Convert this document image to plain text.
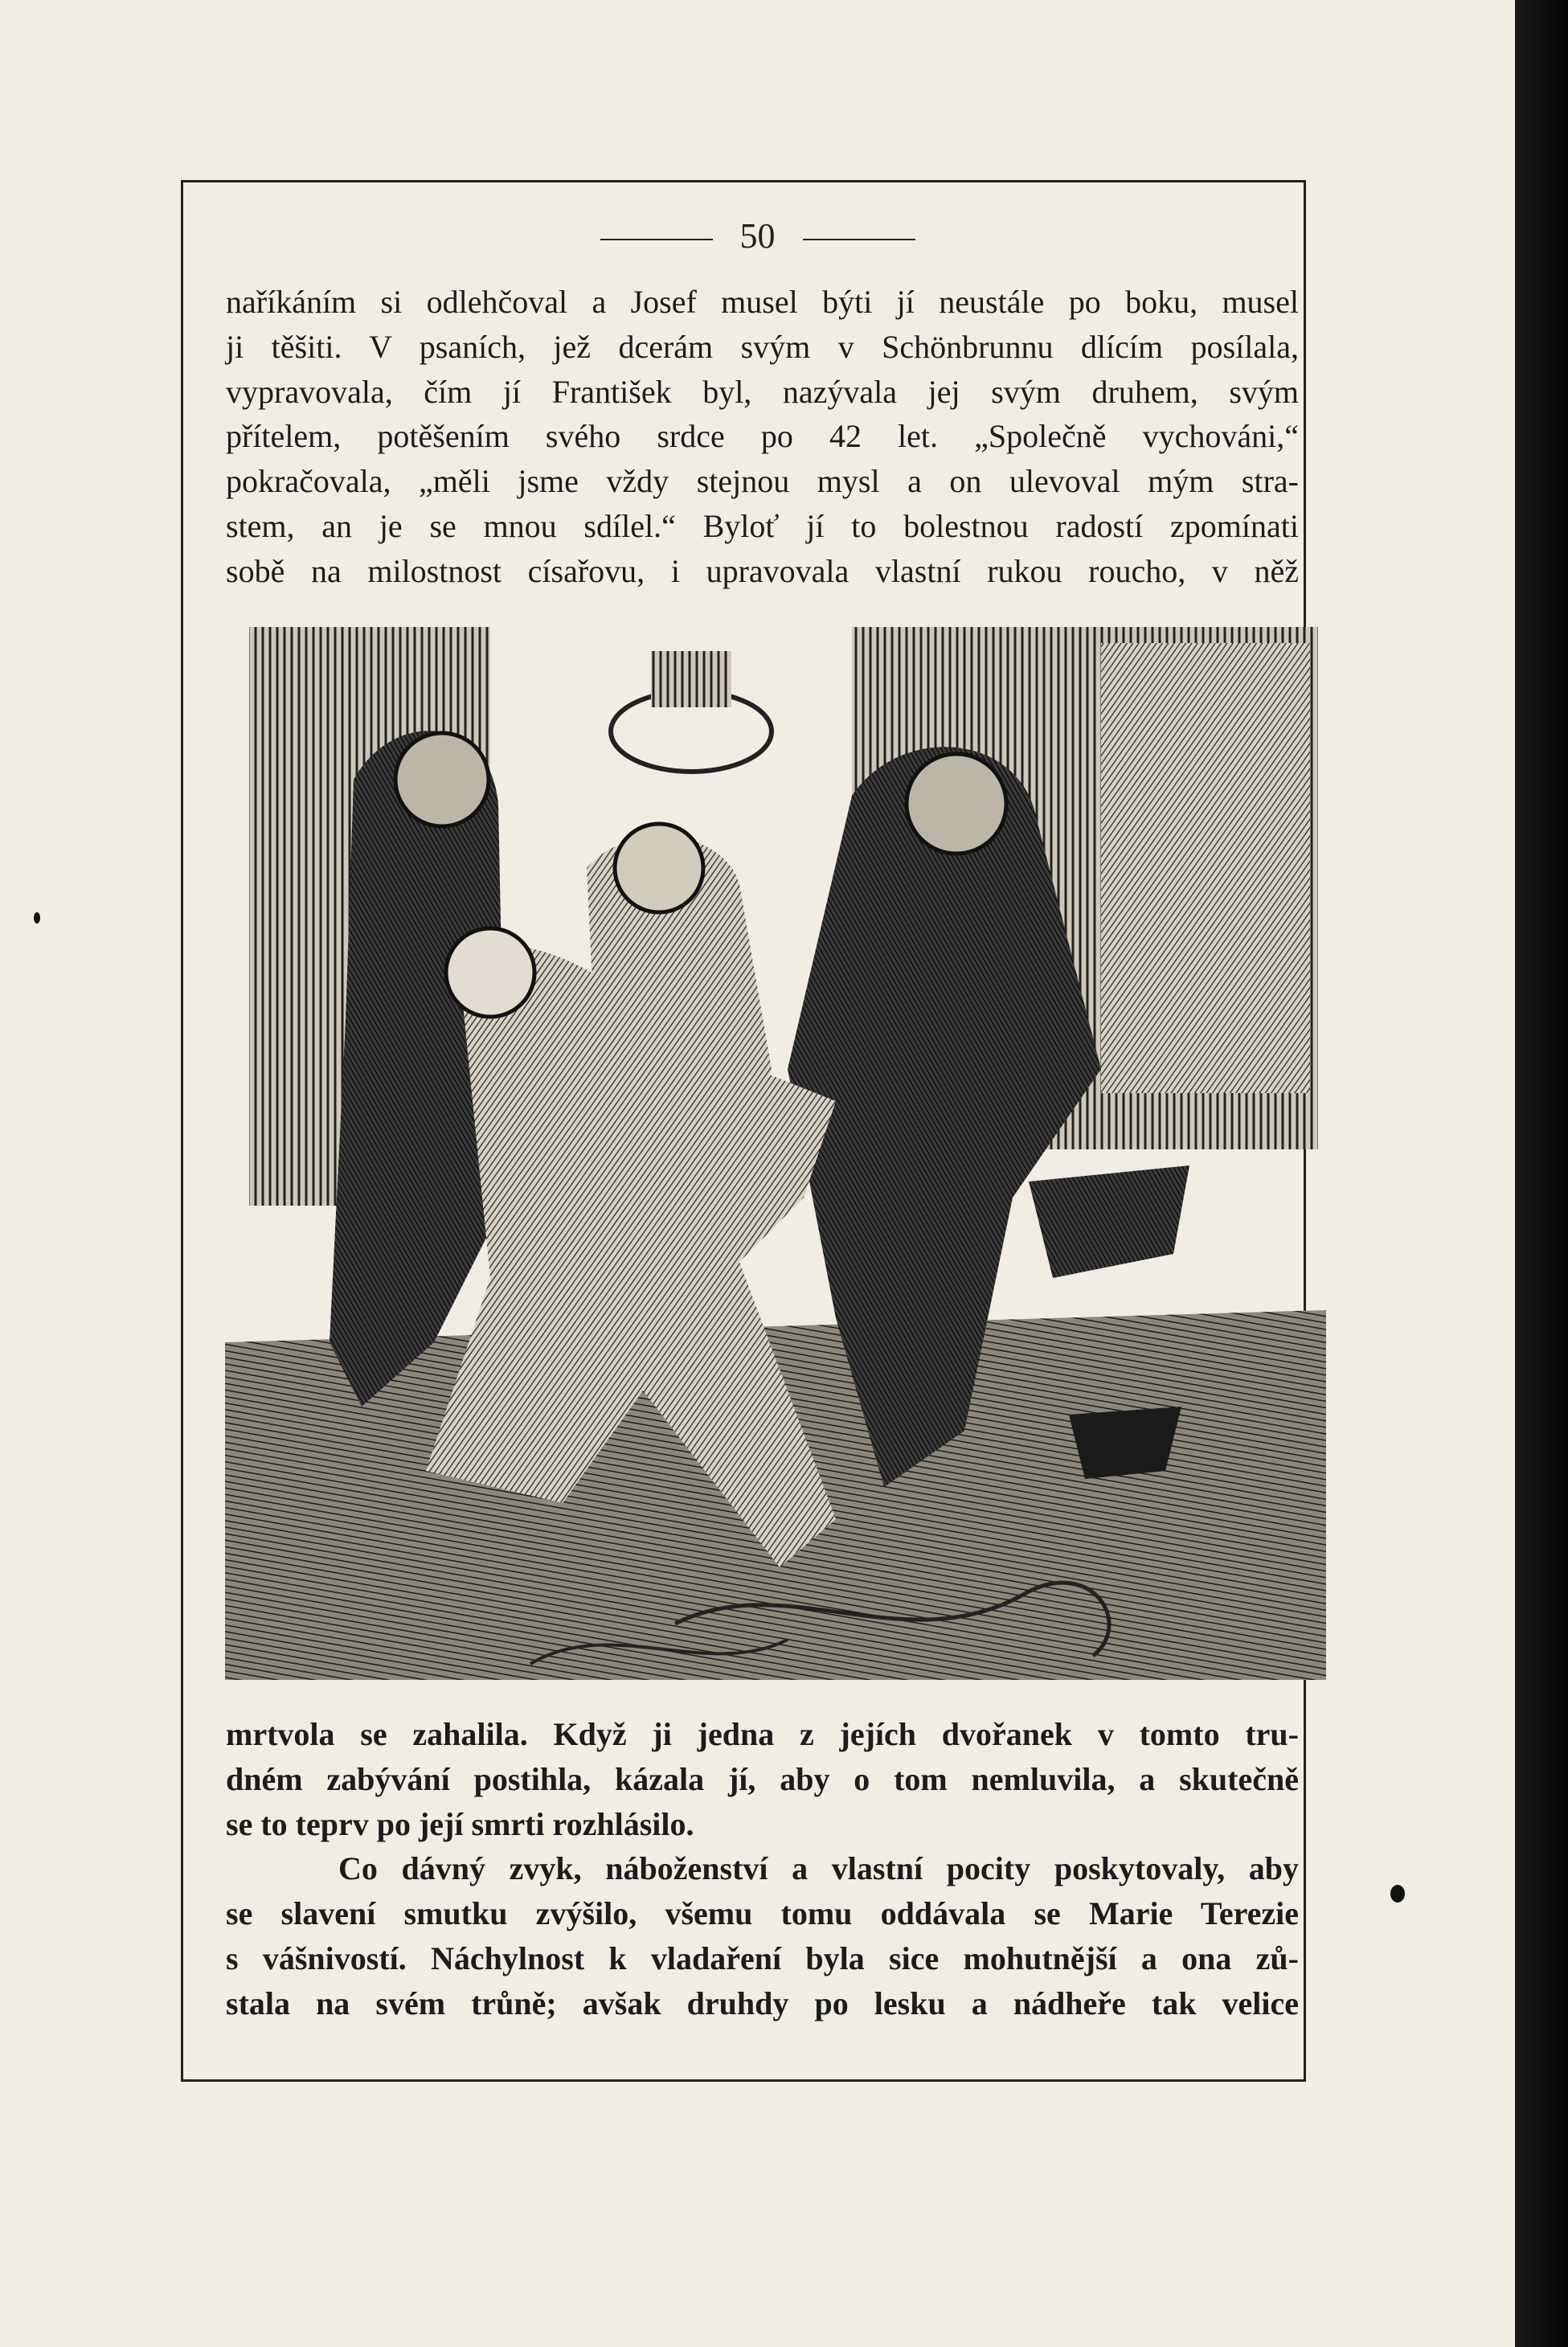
50
naříkáním si odlehčoval a Josef musel býti jí neustále po boku, musel
ji těšiti. V psaních, jež dcerám svým v Schönbrunnu dlícím posílala,
vypravovala, čím jí František byl, nazývala jej svým druhem, svým
přítelem, potěšením svého srdce po 42 let. „Společně vychováni,“
pokračovala, „měli jsme vždy stejnou mysl a on ulevoval mým stra-
stem, an je se mnou sdílel.“ Byloť jí to bolestnou radostí zpomínati
sobě na milostnost císařovu, i upravovala vlastní rukou roucho, v něž
mrtvola se zahalila. Když ji jedna z jejích dvořanek v tomto tru-
dném zabývání postihla, kázala jí, aby o tom nemluvila, a skutečně
se to teprv po její smrti rozhlásilo.
Co dávný zvyk, náboženství a vlastní pocity poskytovaly, aby
se slavení smutku zvýšilo, všemu tomu oddávala se Marie Terezie
s vášnivostí. Náchylnost k vladaření byla sice mohutnější a ona zů-
stala na svém trůně; avšak druhdy po lesku a nádheře tak velice
